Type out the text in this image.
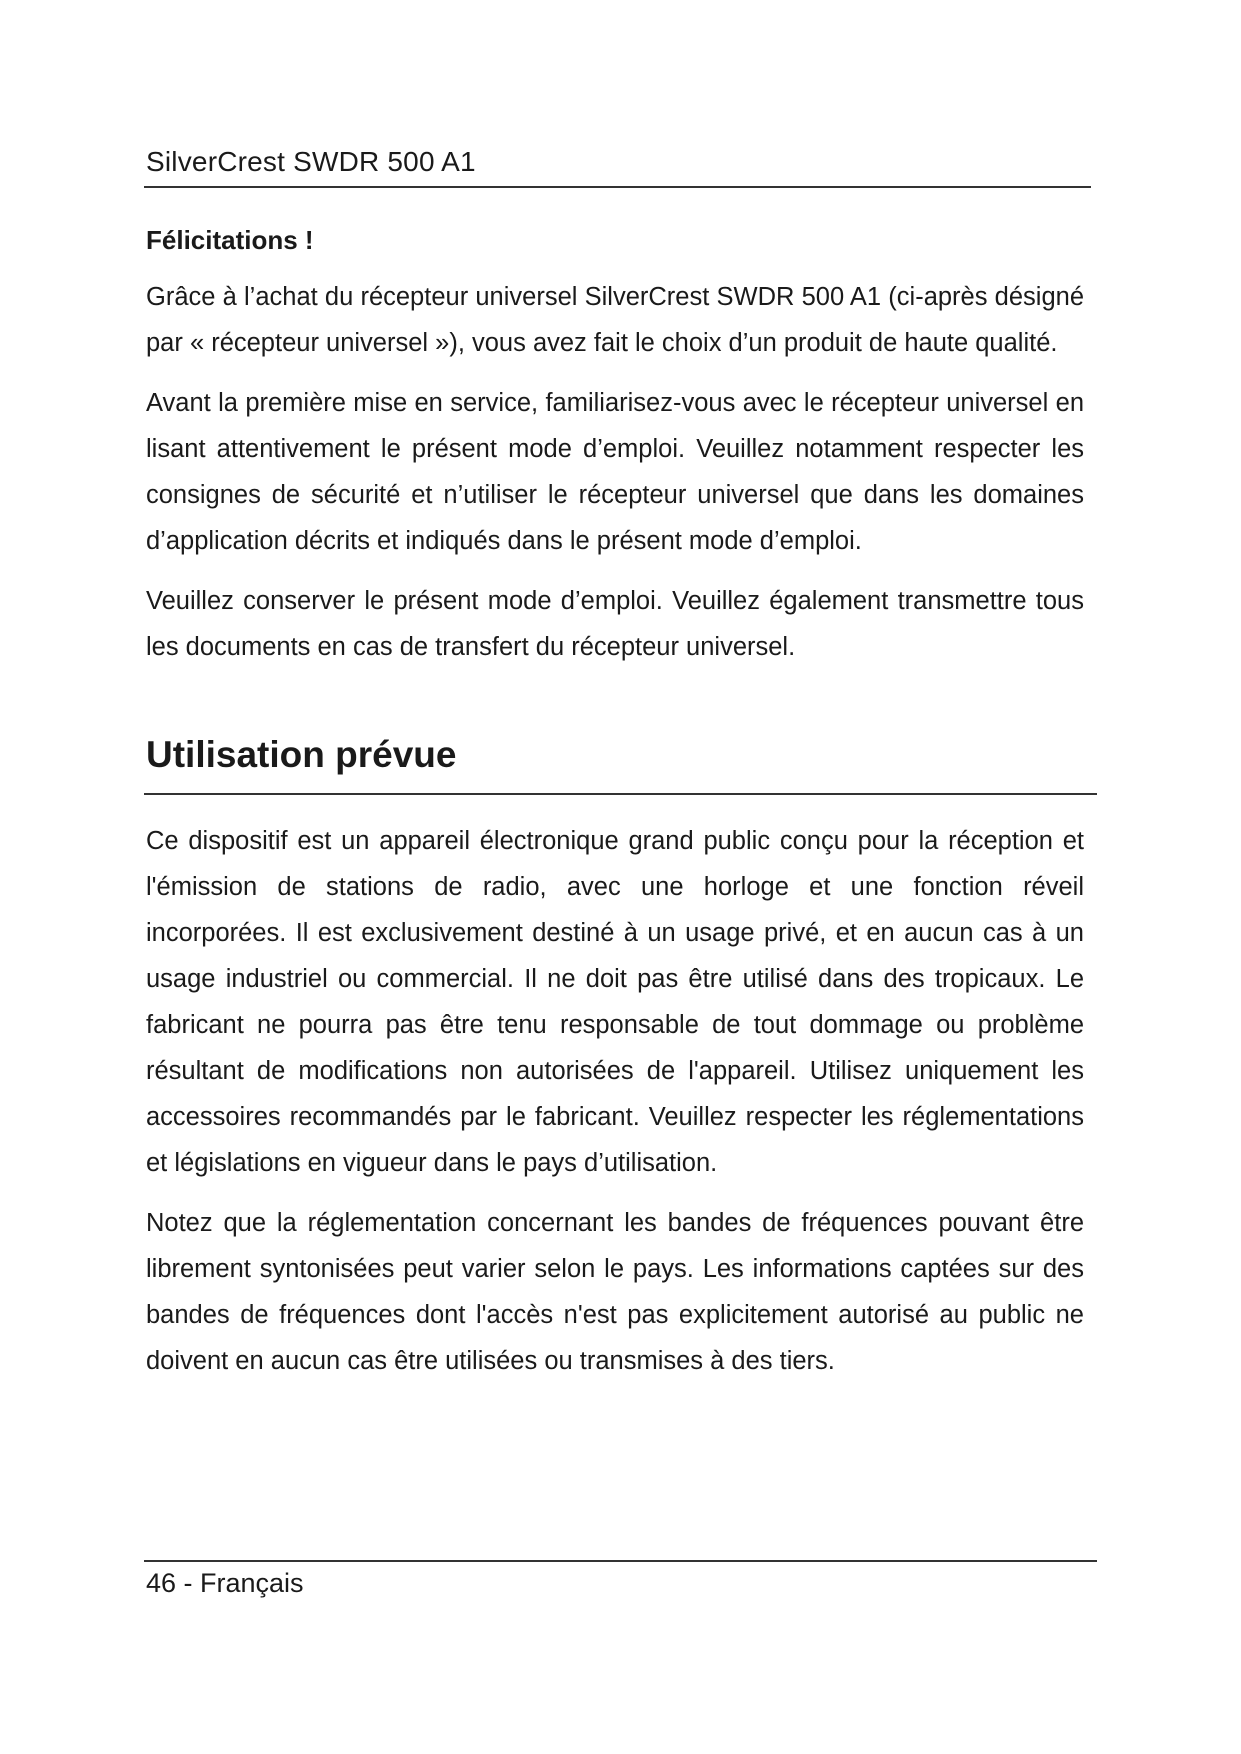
SilverCrest SWDR 500 A1
Félicitations !

Grâce à l’achat du récepteur universel SilverCrest SWDR 500 A1 (ci-après désigné par « récepteur universel »), vous avez fait le choix d’un produit de haute qualité.

Avant la première mise en service, familiarisez-vous avec le récepteur universel en lisant attentivement le présent mode d’emploi. Veuillez notamment respecter les consignes de sécurité et n’utiliser le récepteur universel que dans les domaines d’application décrits et indiqués dans le présent mode d’emploi.

Veuillez conserver le présent mode d’emploi. Veuillez également transmettre tous les documents en cas de transfert du récepteur universel.

Utilisation prévue

Ce dispositif est un appareil électronique grand public conçu pour la réception et l'émission de stations de radio, avec une horloge et une fonction réveil incorporées. Il est exclusivement destiné à un usage privé, et en aucun cas à un usage industriel ou commercial. Il ne doit pas être utilisé dans des tropicaux. Le fabricant ne pourra pas être tenu responsable de tout dommage ou problème résultant de modifications non autorisées de l'appareil. Utilisez uniquement les accessoires recommandés par le fabricant. Veuillez respecter les réglementations et législations en vigueur dans le pays d’utilisation.

Notez que la réglementation concernant les bandes de fréquences pouvant être librement syntonisées peut varier selon le pays. Les informations captées sur des bandes de fréquences dont l'accès n'est pas explicitement autorisé au public ne doivent en aucun cas être utilisées ou transmises à des tiers.

46 - Français
